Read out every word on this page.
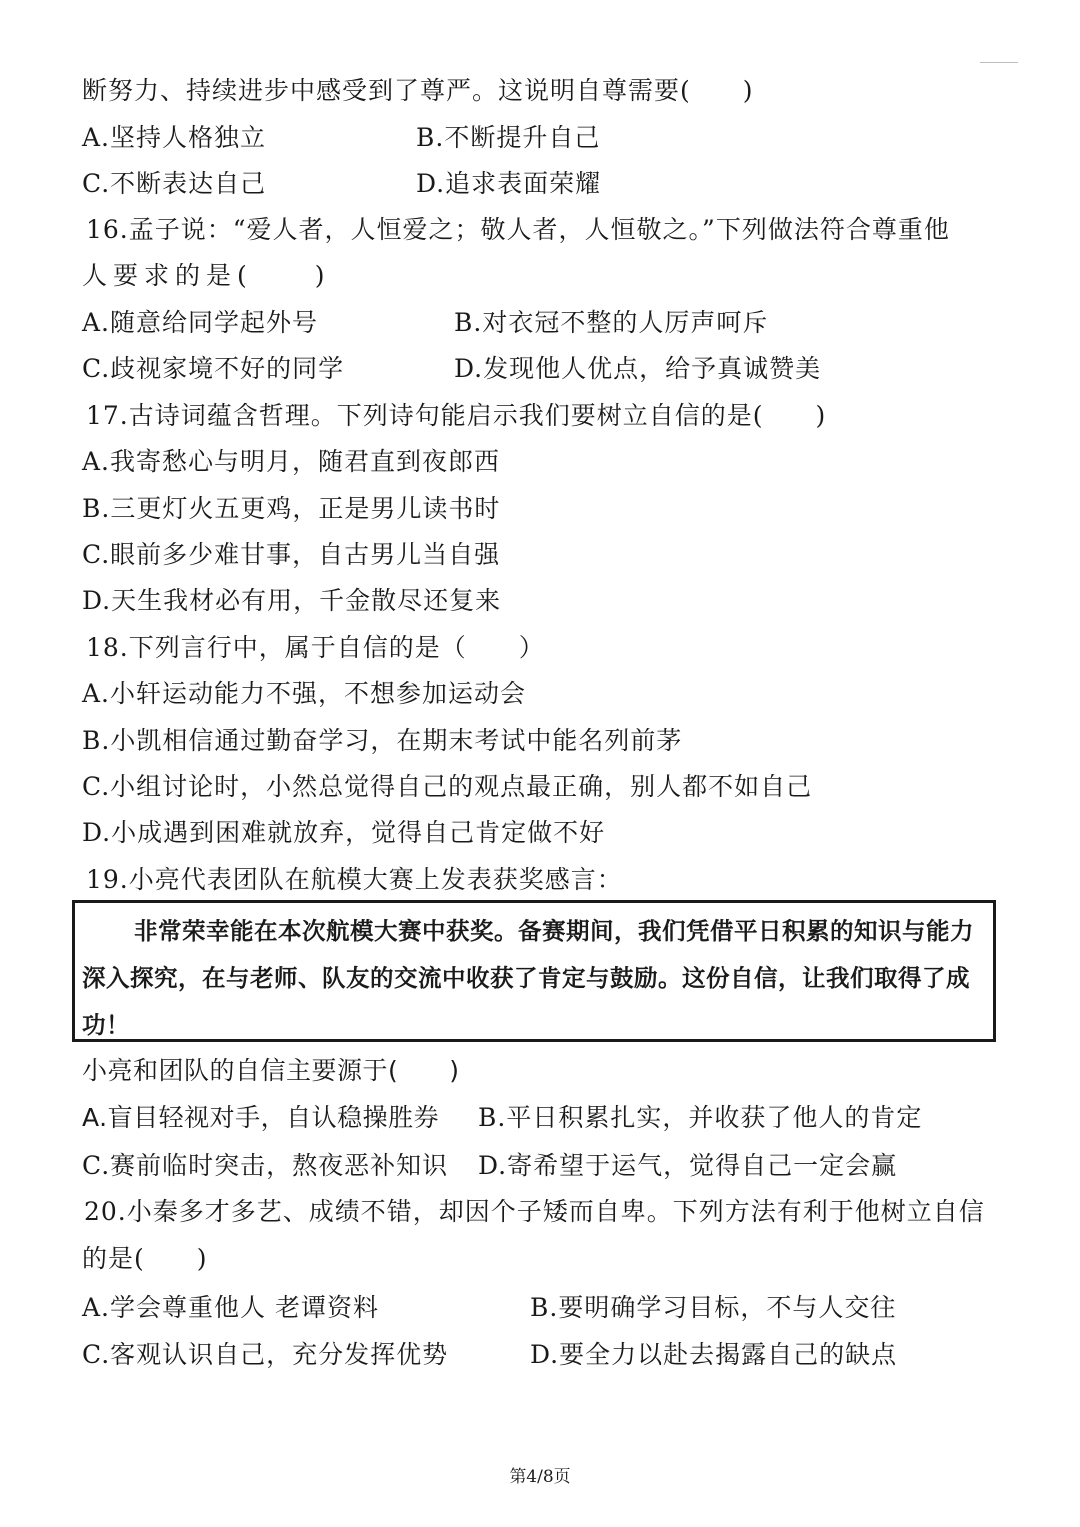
断努力、持续进步中感受到了尊严。这说明自尊需要(　　)
A.坚持人格独立	B.不断提升自己
C.不断表达自己	D.追求表面荣耀
16.孟子说：“爱人者，人恒爱之；敬人者，人恒敬之。”下列做法符合尊重他
人要求的是(　　)
A.随意给同学起外号	B.对衣冠不整的人厉声呵斥
C.歧视家境不好的同学	D.发现他人优点，给予真诚赞美
17.古诗词蕴含哲理。下列诗句能启示我们要树立自信的是(　　)
A.我寄愁心与明月，随君直到夜郎西
B.三更灯火五更鸡，正是男儿读书时
C.眼前多少难甘事，自古男儿当自强
D.天生我材必有用，千金散尽还复来
18.下列言行中，属于自信的是（　　）
A.小轩运动能力不强，不想参加运动会
B.小凯相信通过勤奋学习，在期末考试中能名列前茅
C.小组讨论时，小然总觉得自己的观点最正确，别人都不如自己
D.小成遇到困难就放弃，觉得自己肯定做不好
19.小亮代表团队在航模大赛上发表获奖感言：

非常荣幸能在本次航模大赛中获奖。备赛期间，我们凭借平日积累的知识与能力深入探究，在与老师、队友的交流中收获了肯定与鼓励。这份自信，让我们取得了成功！

小亮和团队的自信主要源于(　　)
A.盲目轻视对手，自认稳操胜券 B.平日积累扎实，并收获了他人的肯定
C.赛前临时突击，熬夜恶补知识 D.寄希望于运气，觉得自己一定会赢
20.小秦多才多艺、成绩不错，却因个子矮而自卑。下列方法有利于他树立自信
的是(　　)
A.学会尊重他人 老谭资料	B.要明确学习目标，不与人交往
C.客观认识自己，充分发挥优势	D.要全力以赴去揭露自己的缺点
第4/8页
